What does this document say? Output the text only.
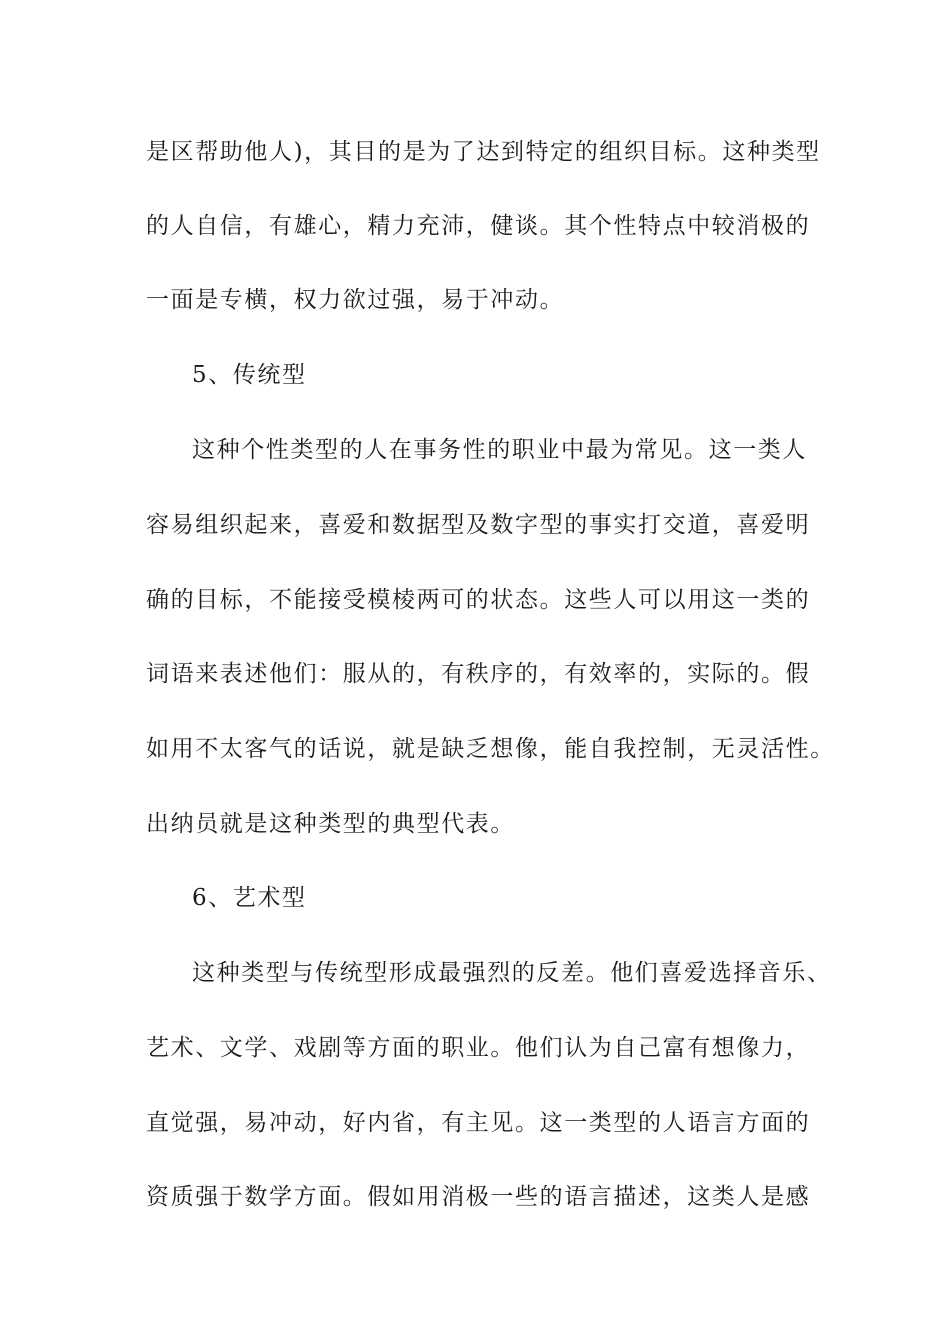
是区帮助他人)，其目的是为了达到特定的组织目标。这种类型
的人自信，有雄心，精力充沛，健谈。其个性特点中较消极的
一面是专横，权力欲过强，易于冲动。
5、传统型
这种个性类型的人在事务性的职业中最为常见。这一类人
容易组织起来，喜爱和数据型及数字型的事实打交道，喜爱明
确的目标，不能接受模棱两可的状态。这些人可以用这一类的
词语来表述他们：服从的，有秩序的，有效率的，实际的。假
如用不太客气的话说，就是缺乏想像，能自我控制，无灵活性。
出纳员就是这种类型的典型代表。
6、艺术型
这种类型与传统型形成最强烈的反差。他们喜爱选择音乐、
艺术、文学、戏剧等方面的职业。他们认为自己富有想像力，
直觉强，易冲动，好内省，有主见。这一类型的人语言方面的
资质强于数学方面。假如用消极一些的语言描述，这类人是感
